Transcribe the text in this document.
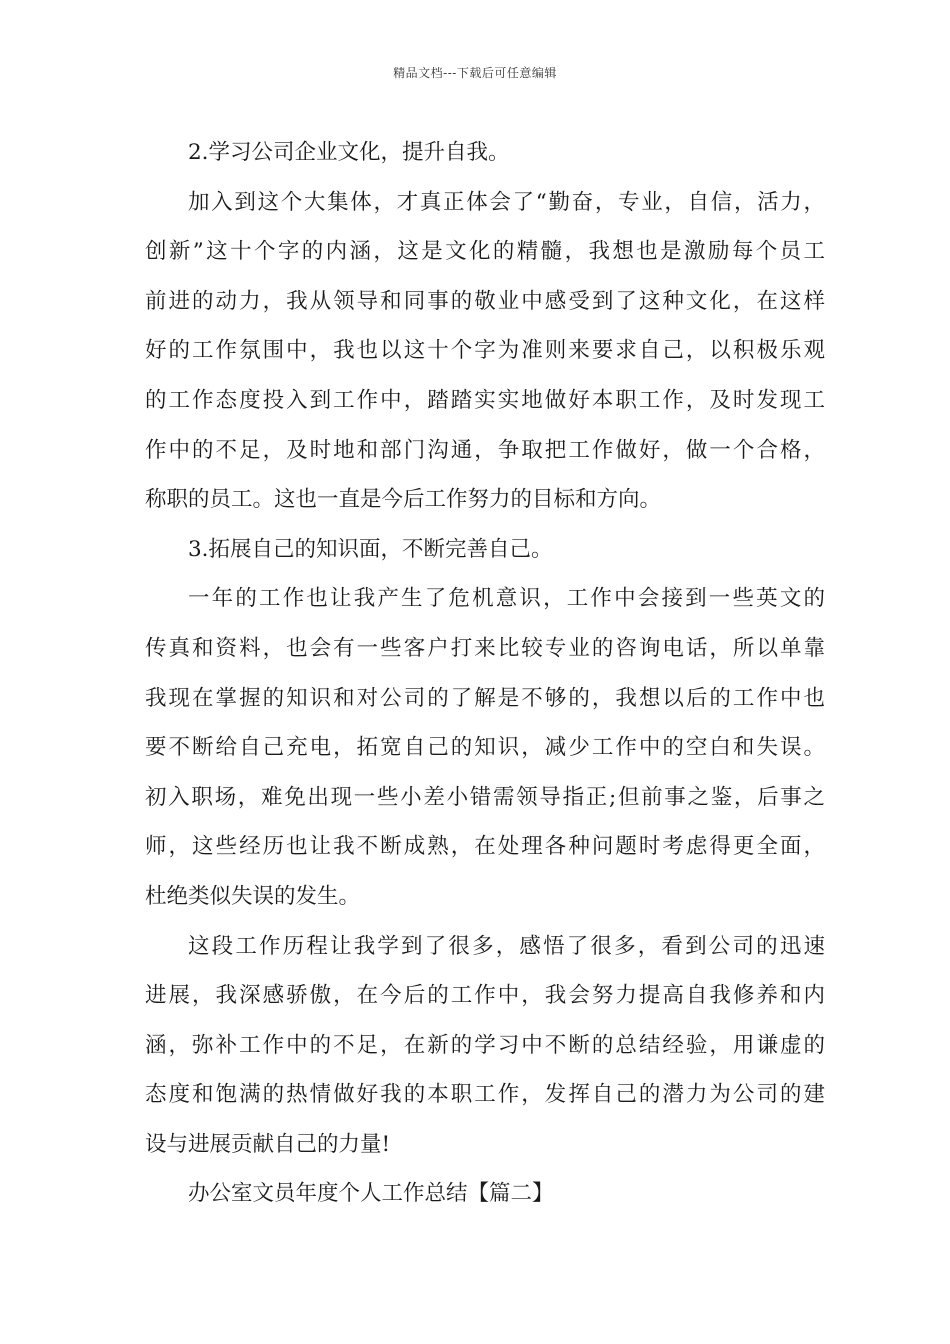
精品文档---下载后可任意编辑
2.学习公司企业文化，提升自我。
加入到这个大集体，才真正体会了“勤奋，专业，自信，活力，
创新”这十个字的内涵，这是文化的精髓，我想也是激励每个员工
前进的动力，我从领导和同事的敬业中感受到了这种文化，在这样
好的工作氛围中，我也以这十个字为准则来要求自己，以积极乐观
的工作态度投入到工作中，踏踏实实地做好本职工作，及时发现工
作中的不足，及时地和部门沟通，争取把工作做好，做一个合格，
称职的员工。这也一直是今后工作努力的目标和方向。
3.拓展自己的知识面，不断完善自己。
一年的工作也让我产生了危机意识，工作中会接到一些英文的
传真和资料，也会有一些客户打来比较专业的咨询电话，所以单靠
我现在掌握的知识和对公司的了解是不够的，我想以后的工作中也
要不断给自己充电，拓宽自己的知识，减少工作中的空白和失误。
初入职场，难免出现一些小差小错需领导指正;但前事之鉴，后事之
师，这些经历也让我不断成熟，在处理各种问题时考虑得更全面，
杜绝类似失误的发生。
这段工作历程让我学到了很多，感悟了很多，看到公司的迅速
进展，我深感骄傲，在今后的工作中，我会努力提高自我修养和内
涵，弥补工作中的不足，在新的学习中不断的总结经验，用谦虚的
态度和饱满的热情做好我的本职工作，发挥自己的潜力为公司的建
设与进展贡献自己的力量!
办公室文员年度个人工作总结【篇二】
